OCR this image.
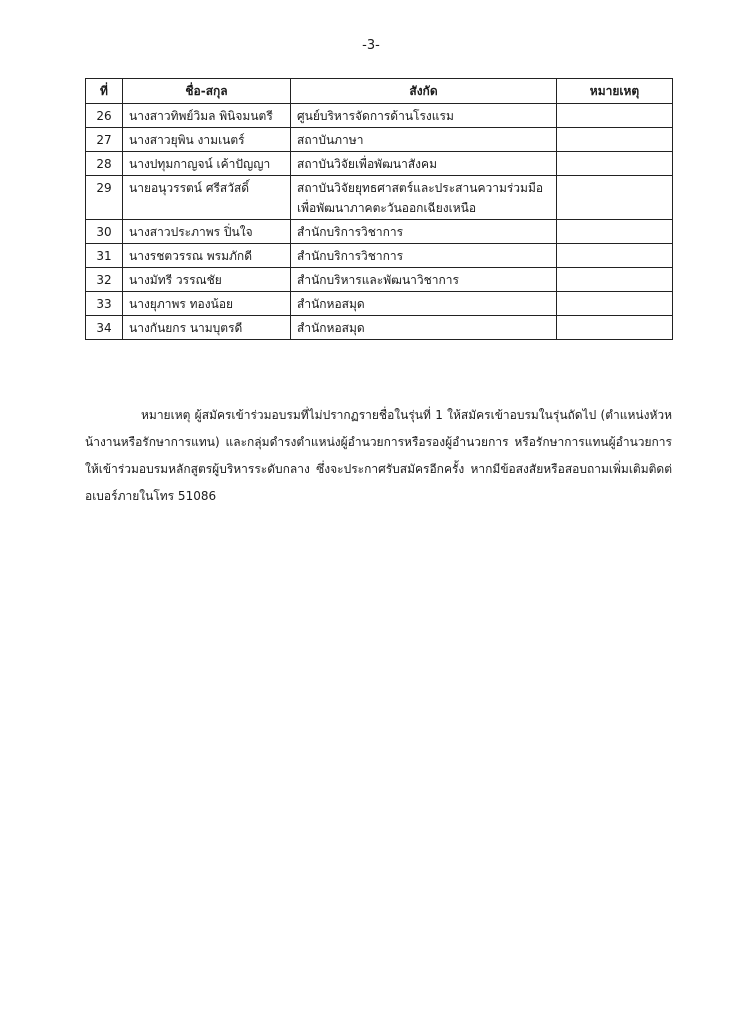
-3-
ที่	ชื่อ-สกุล	สังกัด	หมายเหตุ
26	นางสาวทิพย์วิมล พินิจมนตรี	ศูนย์บริหารจัดการด้านโรงแรม	

27	นางสาวยุพิน งามเนตร์	สถาบันภาษา	

28	นางปทุมกาญจน์ เค้าปัญญา	สถาบันวิจัยเพื่อพัฒนาสังคม	

29	นายอนุวรรตน์ ศรีสวัสดิ์	สถาบันวิจัยยุทธศาสตร์และประสานความร่วมมือ
เพื่อพัฒนาภาคตะวันออกเฉียงเหนือ	

30	นางสาวประภาพร ปิ่นใจ	สำนักบริการวิชาการ	

31	นางรชตวรรณ พรมภักดี	สำนักบริการวิชาการ	

32	นางมัทรี วรรณชัย	สำนักบริหารและพัฒนาวิชาการ	

33	นางยุภาพร ทองน้อย	สำนักหอสมุด	

34	นางกันยกร นามบุตรดี	สำนักหอสมุด	

หมายเหตุ ผู้สมัครเข้าร่วมอบรมที่ไม่ปรากฏรายชื่อในรุ่นที่ 1 ให้สมัครเข้าอบรมในรุ่นถัดไป (ตำแหน่งหัวหน้างานหรือรักษาการแทน) และกลุ่มดำรงตำแหน่งผู้อำนวยการหรือรองผู้อำนวยการ หรือรักษาการแทนผู้อำนวยการ ให้เข้าร่วมอบรมหลักสูตรผู้บริหารระดับกลาง ซึ่งจะประกาศรับสมัครอีกครั้ง หากมีข้อสงสัยหรือสอบถามเพิ่มเติมติดต่อเบอร์ภายในโทร 51086
